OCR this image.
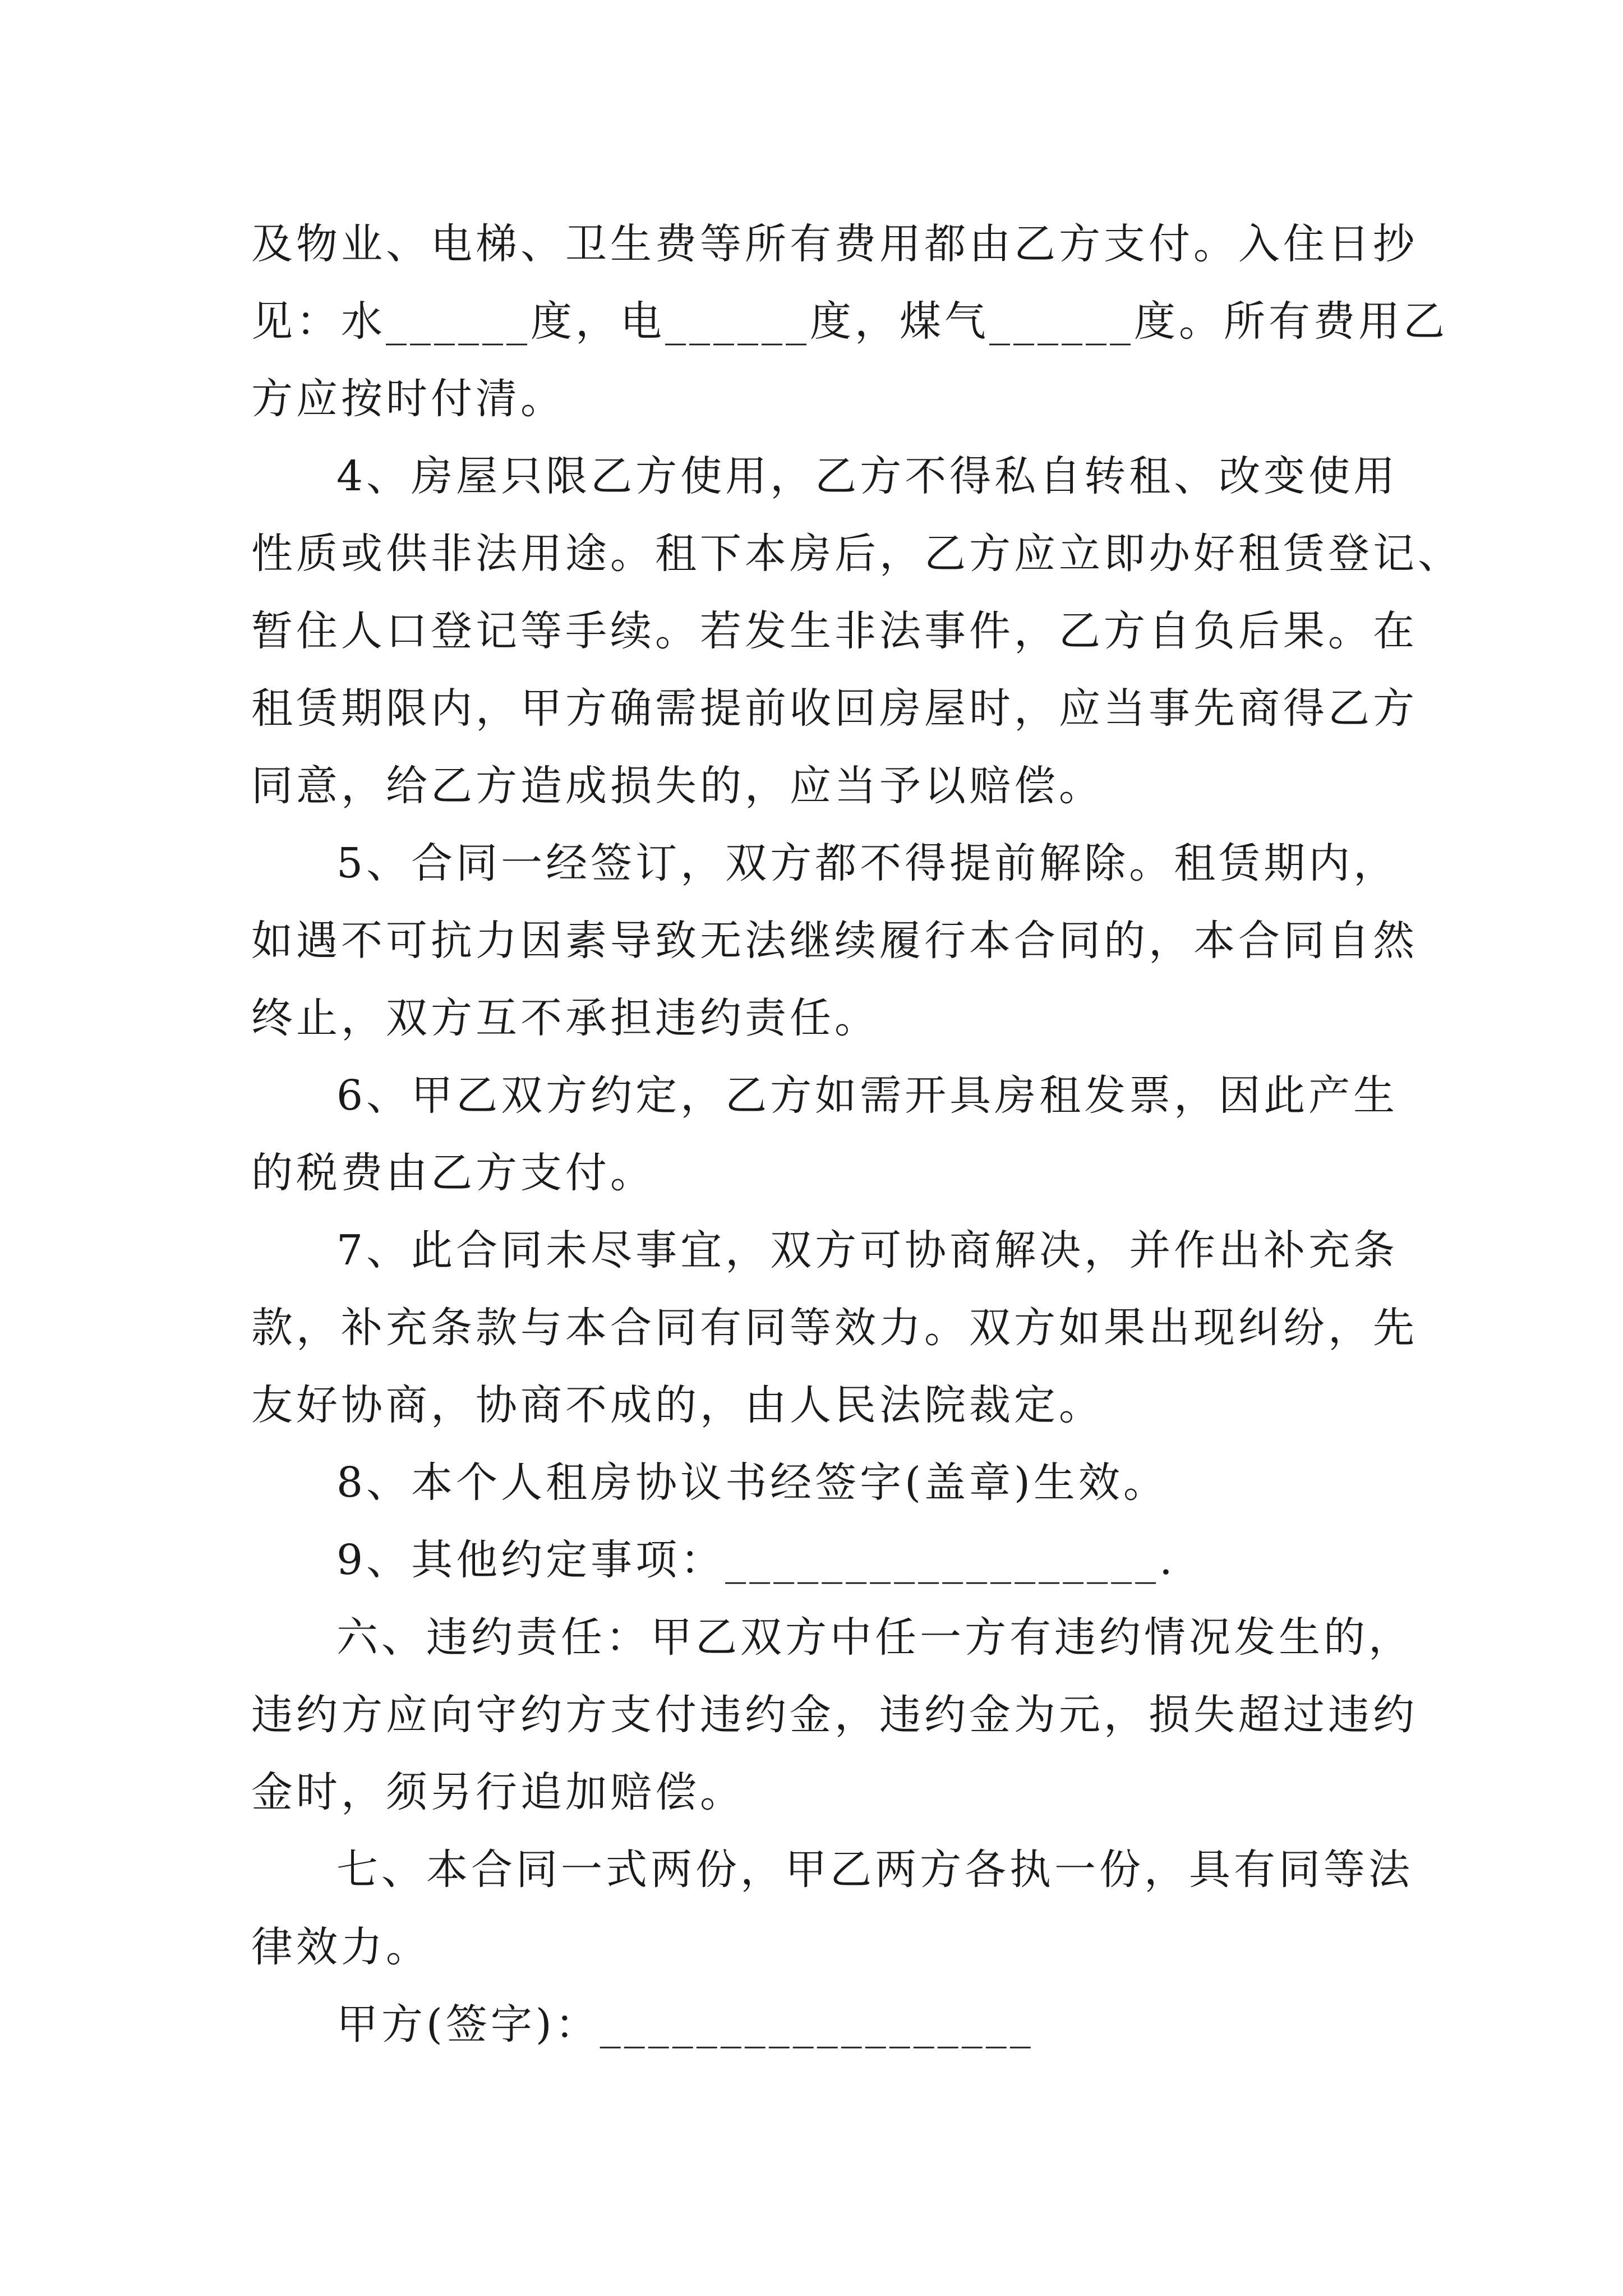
及物业、电梯、卫生费等所有费用都由乙方支付。入住日抄
见：水______度，电______度，煤气______度。所有费用乙
方应按时付清。
4、房屋只限乙方使用，乙方不得私自转租、改变使用
性质或供非法用途。租下本房后，乙方应立即办好租赁登记、
暂住人口登记等手续。若发生非法事件，乙方自负后果。在
租赁期限内，甲方确需提前收回房屋时，应当事先商得乙方
同意，给乙方造成损失的，应当予以赔偿。
5、合同一经签订，双方都不得提前解除。租赁期内，
如遇不可抗力因素导致无法继续履行本合同的，本合同自然
终止，双方互不承担违约责任。
6、甲乙双方约定，乙方如需开具房租发票，因此产生
的税费由乙方支付。
7、此合同未尽事宜，双方可协商解决，并作出补充条
款，补充条款与本合同有同等效力。双方如果出现纠纷，先
友好协商，协商不成的，由人民法院裁定。
8、本个人租房协议书经签字(盖章)生效。
9、其他约定事项：__________________.
六、违约责任：甲乙双方中任一方有违约情况发生的，
违约方应向守约方支付违约金，违约金为元，损失超过违约
金时，须另行追加赔偿。
七、本合同一式两份，甲乙两方各执一份，具有同等法
律效力。
甲方(签字)：__________________
